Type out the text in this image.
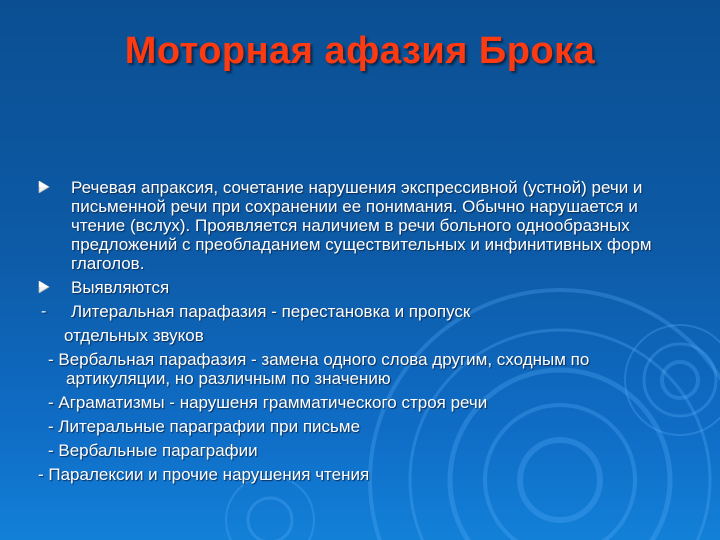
Моторная афазия Брока
Речевая апраксия, сочетание нарушения экспрессивной (устной) речи и письменной речи при сохранении ее понимания. Обычно нарушается и чтение (вслух). Проявляется наличием в речи больного однообразных предложений с преобладанием существительных и инфинитивных форм глаголов.
Выявляются
- Литеральная парафазия - перестановка и пропуск
отдельных звуков
- Вербальная парафазия - замена одного слова другим, сходным по артикуляции, но различным по значению
- Аграматизмы - нарушеня грамматического строя речи
- Литеральные параграфии при письме
- Вербальные параграфии
- Паралексии и прочие нарушения чтения
